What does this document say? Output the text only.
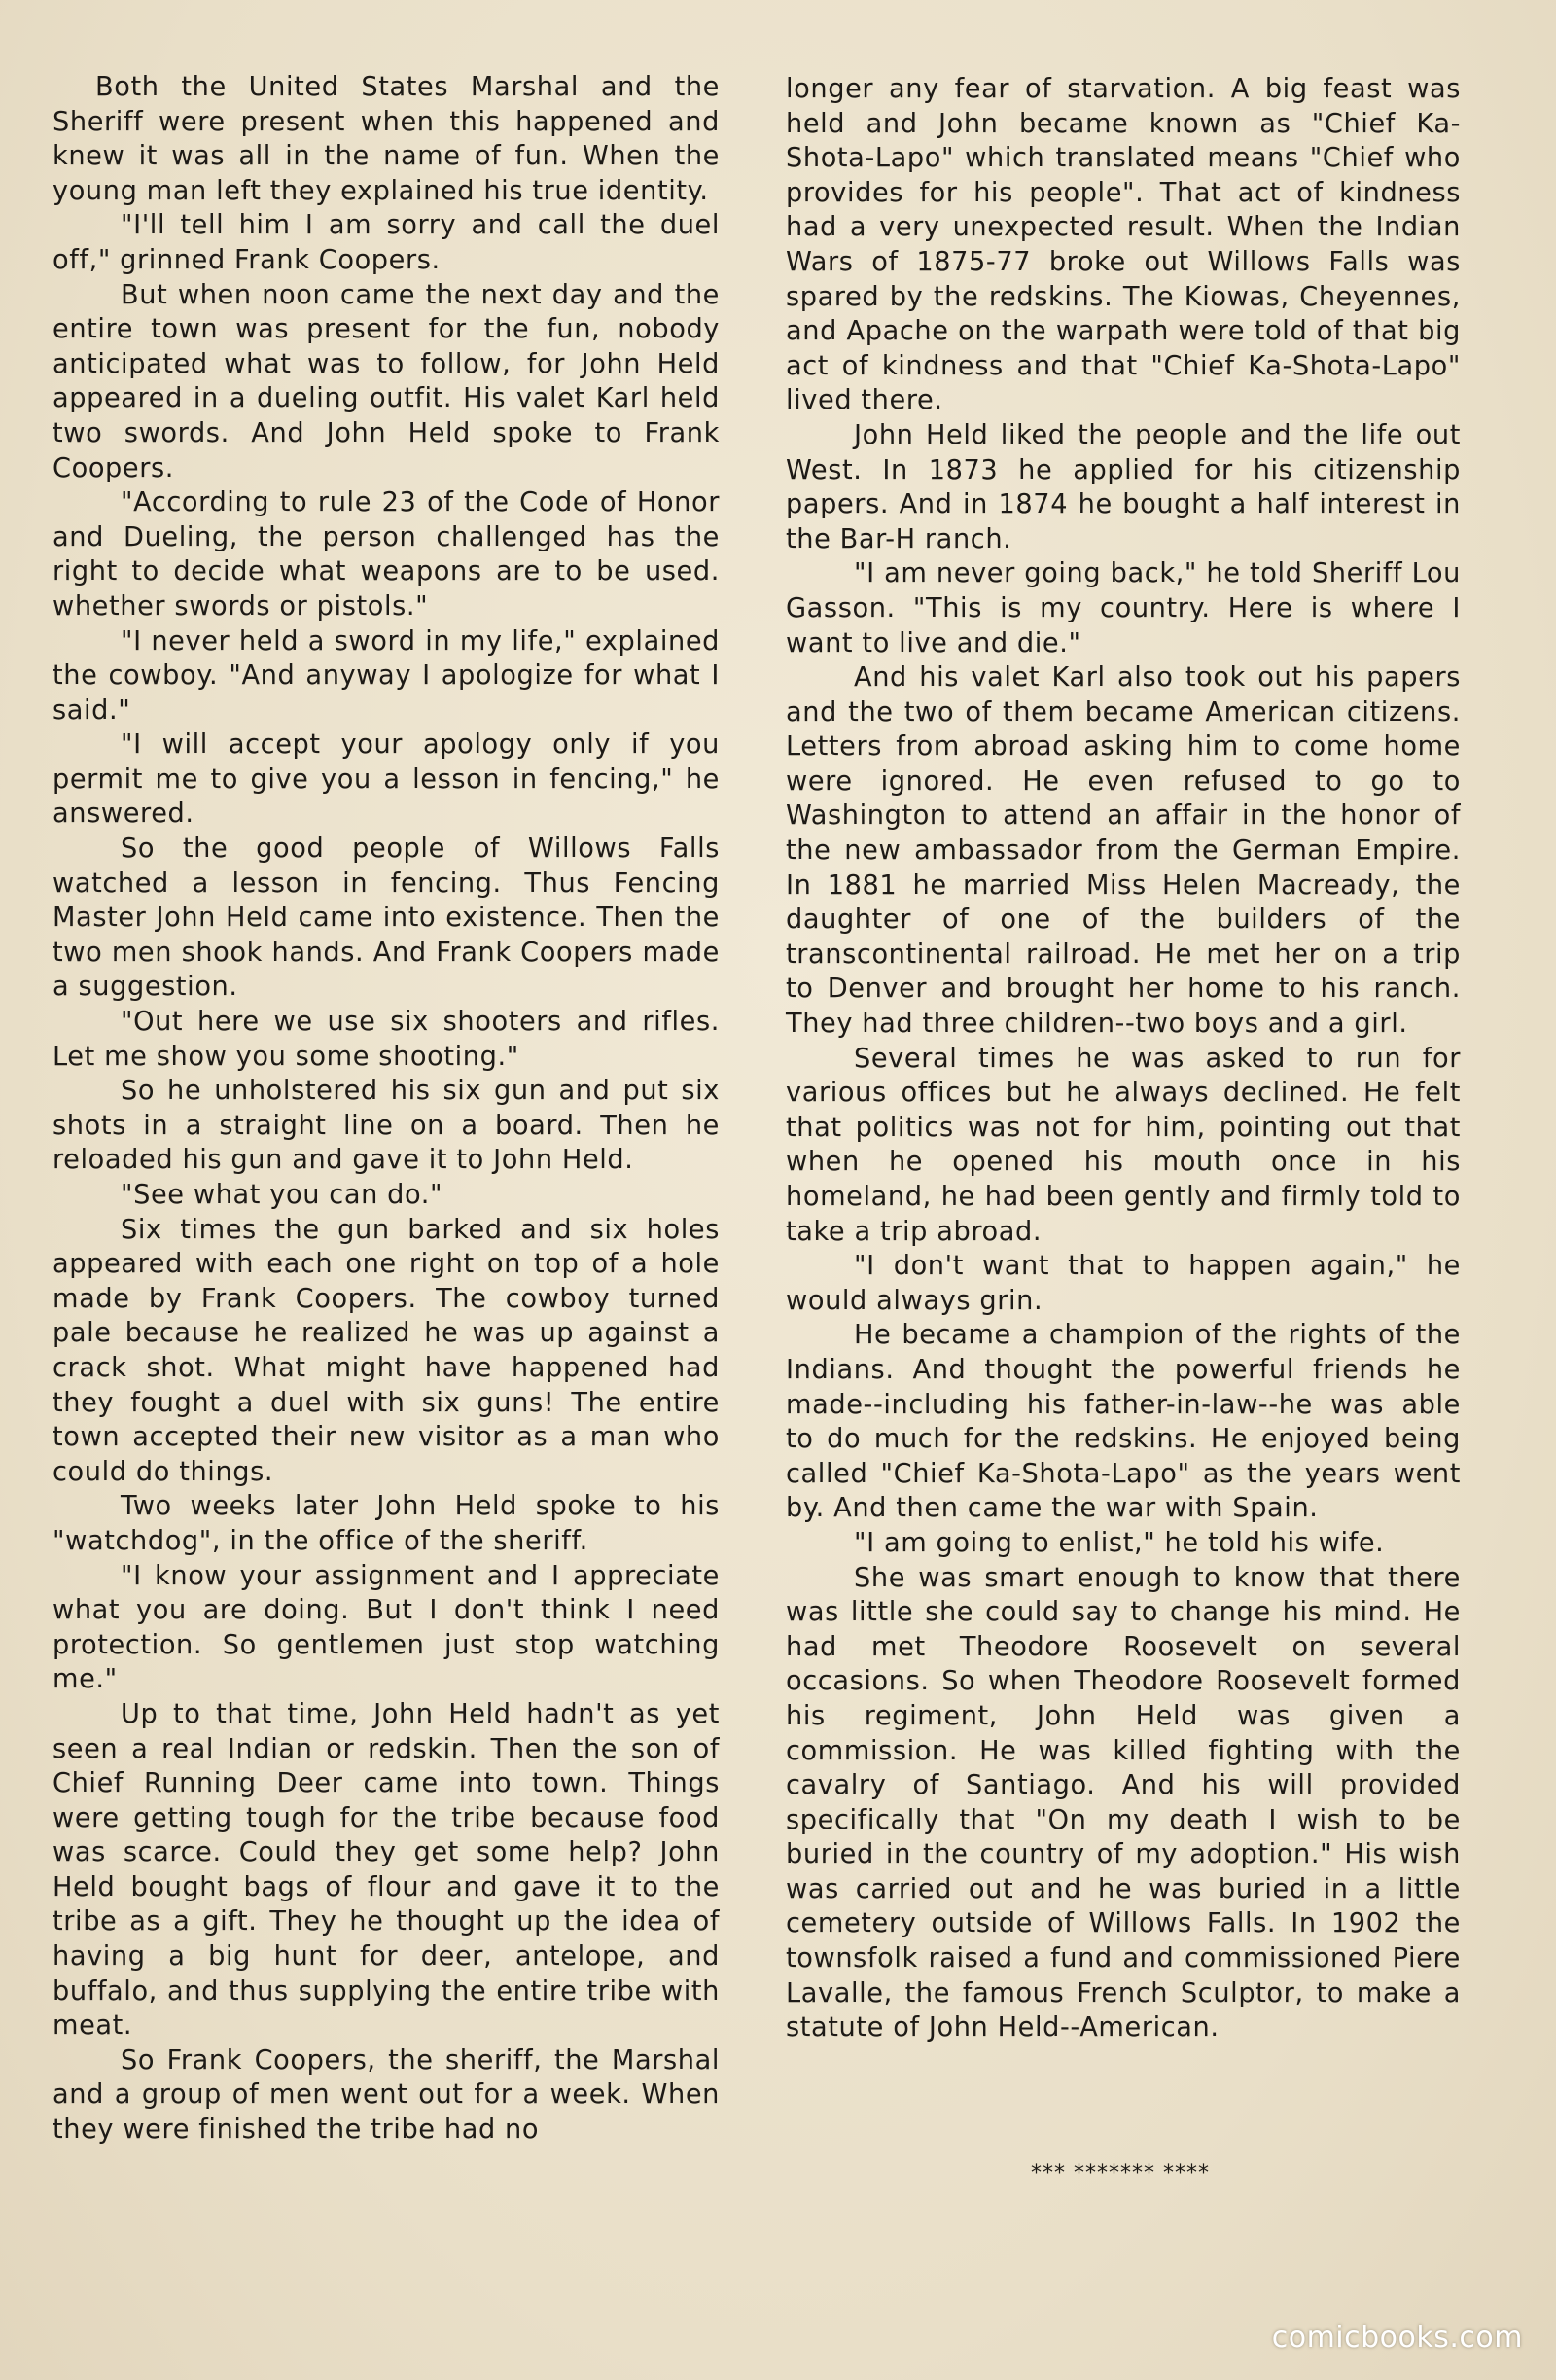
Both the United States Marshal and the Sheriff were present when this happened and knew it was all in the name of fun. When the young man left they explained his true identity.

"I'll tell him I am sorry and call the duel off," grinned Frank Coopers.

But when noon came the next day and the entire town was present for the fun, nobody anticipated what was to follow, for John Held appeared in a dueling outfit. His valet Karl held two swords. And John Held spoke to Frank Coopers.

"According to rule 23 of the Code of Honor and Dueling, the person challenged has the right to decide what weapons are to be used. whether swords or pistols."

"I never held a sword in my life," explained the cowboy. "And anyway I apologize for what I said."

"I will accept your apology only if you permit me to give you a lesson in fencing," he answered.

So the good people of Willows Falls watched a lesson in fencing. Thus Fencing Master John Held came into existence. Then the two men shook hands. And Frank Coopers made a suggestion.

"Out here we use six shooters and rifles. Let me show you some shooting."

So he unholstered his six gun and put six shots in a straight line on a board. Then he reloaded his gun and gave it to John Held.

"See what you can do."

Six times the gun barked and six holes appeared with each one right on top of a hole made by Frank Coopers. The cowboy turned pale because he realized he was up against a crack shot. What might have happened had they fought a duel with six guns! The entire town accepted their new visitor as a man who could do things.

Two weeks later John Held spoke to his "watchdog", in the office of the sheriff.

"I know your assignment and I appreciate what you are doing. But I don't think I need protection. So gentlemen just stop watching me."

Up to that time, John Held hadn't as yet seen a real Indian or redskin. Then the son of Chief Running Deer came into town. Things were getting tough for the tribe because food was scarce. Could they get some help? John Held bought bags of flour and gave it to the tribe as a gift. They he thought up the idea of having a big hunt for deer, antelope, and buffalo, and thus supplying the entire tribe with meat.

So Frank Coopers, the sheriff, the Marshal and a group of men went out for a week. When they were finished the tribe had no

longer any fear of starvation. A big feast was held and John became known as "Chief Ka-Shota-Lapo" which translated means "Chief who provides for his people". That act of kindness had a very unexpected result. When the Indian Wars of 1875-77 broke out Willows Falls was spared by the redskins. The Kiowas, Cheyennes, and Apache on the warpath were told of that big act of kindness and that "Chief Ka-Shota-Lapo" lived there.

John Held liked the people and the life out West. In 1873 he applied for his citizenship papers. And in 1874 he bought a half interest in the Bar-H ranch.

"I am never going back," he told Sheriff Lou Gasson. "This is my country. Here is where I want to live and die."

And his valet Karl also took out his papers and the two of them became American citizens. Letters from abroad asking him to come home were ignored. He even refused to go to Washington to attend an affair in the honor of the new ambassador from the German Empire. In 1881 he married Miss Helen Macready, the daughter of one of the builders of the transcontinental railroad. He met her on a trip to Denver and brought her home to his ranch. They had three children--two boys and a girl.

Several times he was asked to run for various offices but he always declined. He felt that politics was not for him, pointing out that when he opened his mouth once in his homeland, he had been gently and firmly told to take a trip abroad.

"I don't want that to happen again," he would always grin.

He became a champion of the rights of the Indians. And thought the powerful friends he made--including his father-in-law--he was able to do much for the redskins. He enjoyed being called "Chief Ka-Shota-Lapo" as the years went by. And then came the war with Spain.

"I am going to enlist," he told his wife.

She was smart enough to know that there was little she could say to change his mind. He had met Theodore Roosevelt on several occasions. So when Theodore Roosevelt formed his regiment, John Held was given a commission. He was killed fighting with the cavalry of Santiago. And his will provided specifically that "On my death I wish to be buried in the country of my adoption." His wish was carried out and he was buried in a little cemetery outside of Willows Falls. In 1902 the townsfolk raised a fund and commissioned Piere Lavalle, the famous French Sculptor, to make a statute of John Held--American.

*** ******* ****
comicbooks.com
